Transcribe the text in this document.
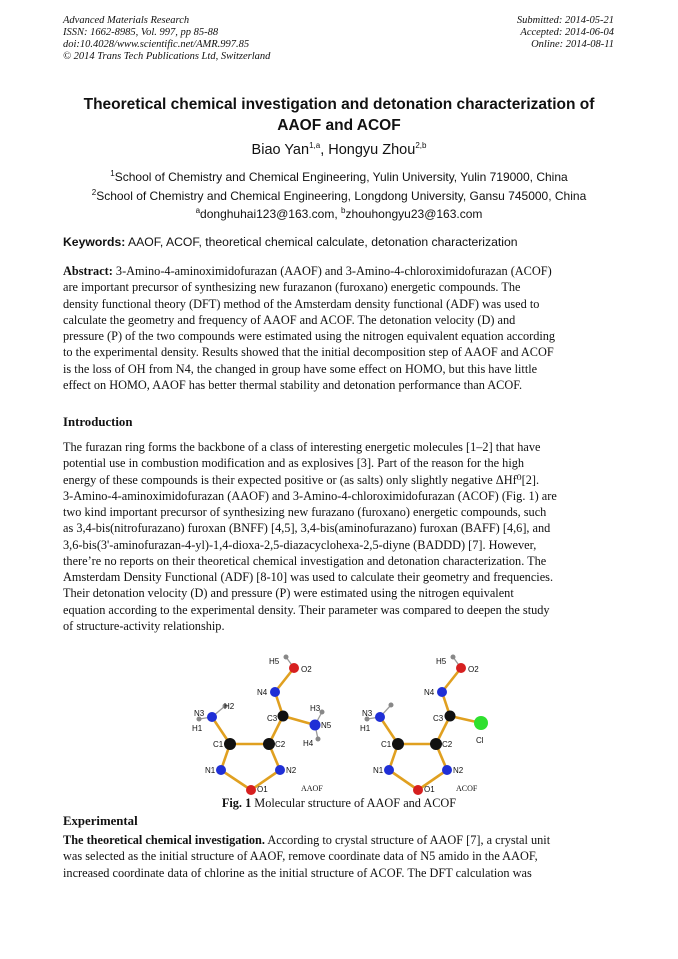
Advanced Materials Research
ISSN: 1662-8985, Vol. 997, pp 85-88
doi:10.4028/www.scientific.net/AMR.997.85
© 2014 Trans Tech Publications Ltd, Switzerland
Submitted: 2014-05-21
Accepted: 2014-06-04
Online: 2014-08-11
Theoretical chemical investigation and detonation characterization of
AAOF and ACOF
Biao Yan$^{1,a}$, Hongyu Zhou$^{2,b}$
$^1$School of Chemistry and Chemical Engineering, Yulin University, Yulin 719000, China
$^2$School of Chemistry and Chemical Engineering, Longdong University, Gansu 745000, China
$^a$donghuhai123@163.com, $^b$zhouhongyu23@163.com
Keywords: AAOF, ACOF, theoretical chemical calculate, detonation characterization
Abstract: 3-Amino-4-aminoximidofurazan (AAOF) and 3-Amino-4-chloroximidofurazan (ACOF)
are important precursor of synthesizing new furazanon (furoxano) energetic compounds. The
density functional theory (DFT) method of the Amsterdam density functional (ADF) was used to
calculate the geometry and frequency of AAOF and ACOF. The detonation velocity (D) and
pressure (P) of the two compounds were estimated using the nitrogen equivalent equation according
to the experimental density. Results showed that the initial decomposition step of AAOF and ACOF
is the loss of OH from N4, the changed in group have some effect on HOMO, but this have little
effect on HOMO, AAOF has better thermal stability and detonation performance than ACOF.
Introduction
The furazan ring forms the backbone of a class of interesting energetic molecules [1–2] that have
potential use in combustion modification and as explosives [3]. Part of the reason for the high
energy of these compounds is their expected positive or (as salts) only slightly negative ΔHf⁰[2].
3-Amino-4-aminoximidofurazan (AAOF) and 3-Amino-4-chloroximidofurazan (ACOF) (Fig. 1) are
two kind important precursor of synthesizing new furazano (furoxano) energetic compounds, such
as 3,4-bis(nitrofurazano) furoxan (BNFF) [4,5], 3,4-bis(aminofurazano) furoxan (BAFF) [4,6], and
3,6-bis(3'-aminofurazan-4-yl)-1,4-dioxa-2,5-diazacyclohexa-2,5-diyne (BADDD) [7]. However,
there’re no reports on their theoretical chemical investigation and detonation characterization. The
Amsterdam Density Functional (ADF) [8-10] was used to calculate their geometry and frequencies.
Their detonation velocity (D) and pressure (P) were estimated using the nitrogen equivalent
equation according to the experimental density. Their parameter was compared to deepen the study
of structure-activity relationship.
H5
O2
N4
H3
N3
H2
C3
N5
H1
H4
C1	C2
N1	N2
O1	AAOF
H5
O2
N4
N3
C3
Cl
H1
C1	C2
N1	N2
O1	ACOF
Fig. 1 Molecular structure of AAOF and ACOF
Experimental
The theoretical chemical investigation. According to crystal structure of AAOF [7], a crystal unit
was selected as the initial structure of AAOF, remove coordinate data of N5 amido in the AAOF,
increased coordinate data of chlorine as the initial structure of ACOF. The DFT calculation was
